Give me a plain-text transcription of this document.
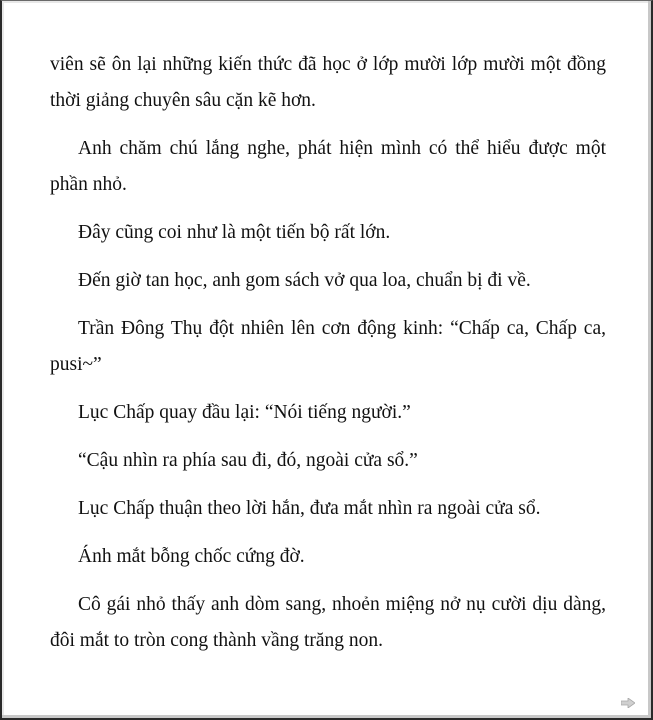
viên sẽ ôn lại những kiến thức đã học ở lớp mười lớp mười một đồng thời giảng chuyên sâu cặn kẽ hơn.

Anh chăm chú lắng nghe, phát hiện mình có thể hiểu được một phần nhỏ.

Đây cũng coi như là một tiến bộ rất lớn.

Đến giờ tan học, anh gom sách vở qua loa, chuẩn bị đi về.

Trần Đông Thụ đột nhiên lên cơn động kinh: “Chấp ca, Chấp ca, pusi~”

Lục Chấp quay đầu lại: “Nói tiếng người.”

“Cậu nhìn ra phía sau đi, đó, ngoài cửa sổ.”

Lục Chấp thuận theo lời hắn, đưa mắt nhìn ra ngoài cửa sổ.

Ánh mắt bỗng chốc cứng đờ.

Cô gái nhỏ thấy anh dòm sang, nhoẻn miệng nở nụ cười dịu dàng, đôi mắt to tròn cong thành vầng trăng non.
